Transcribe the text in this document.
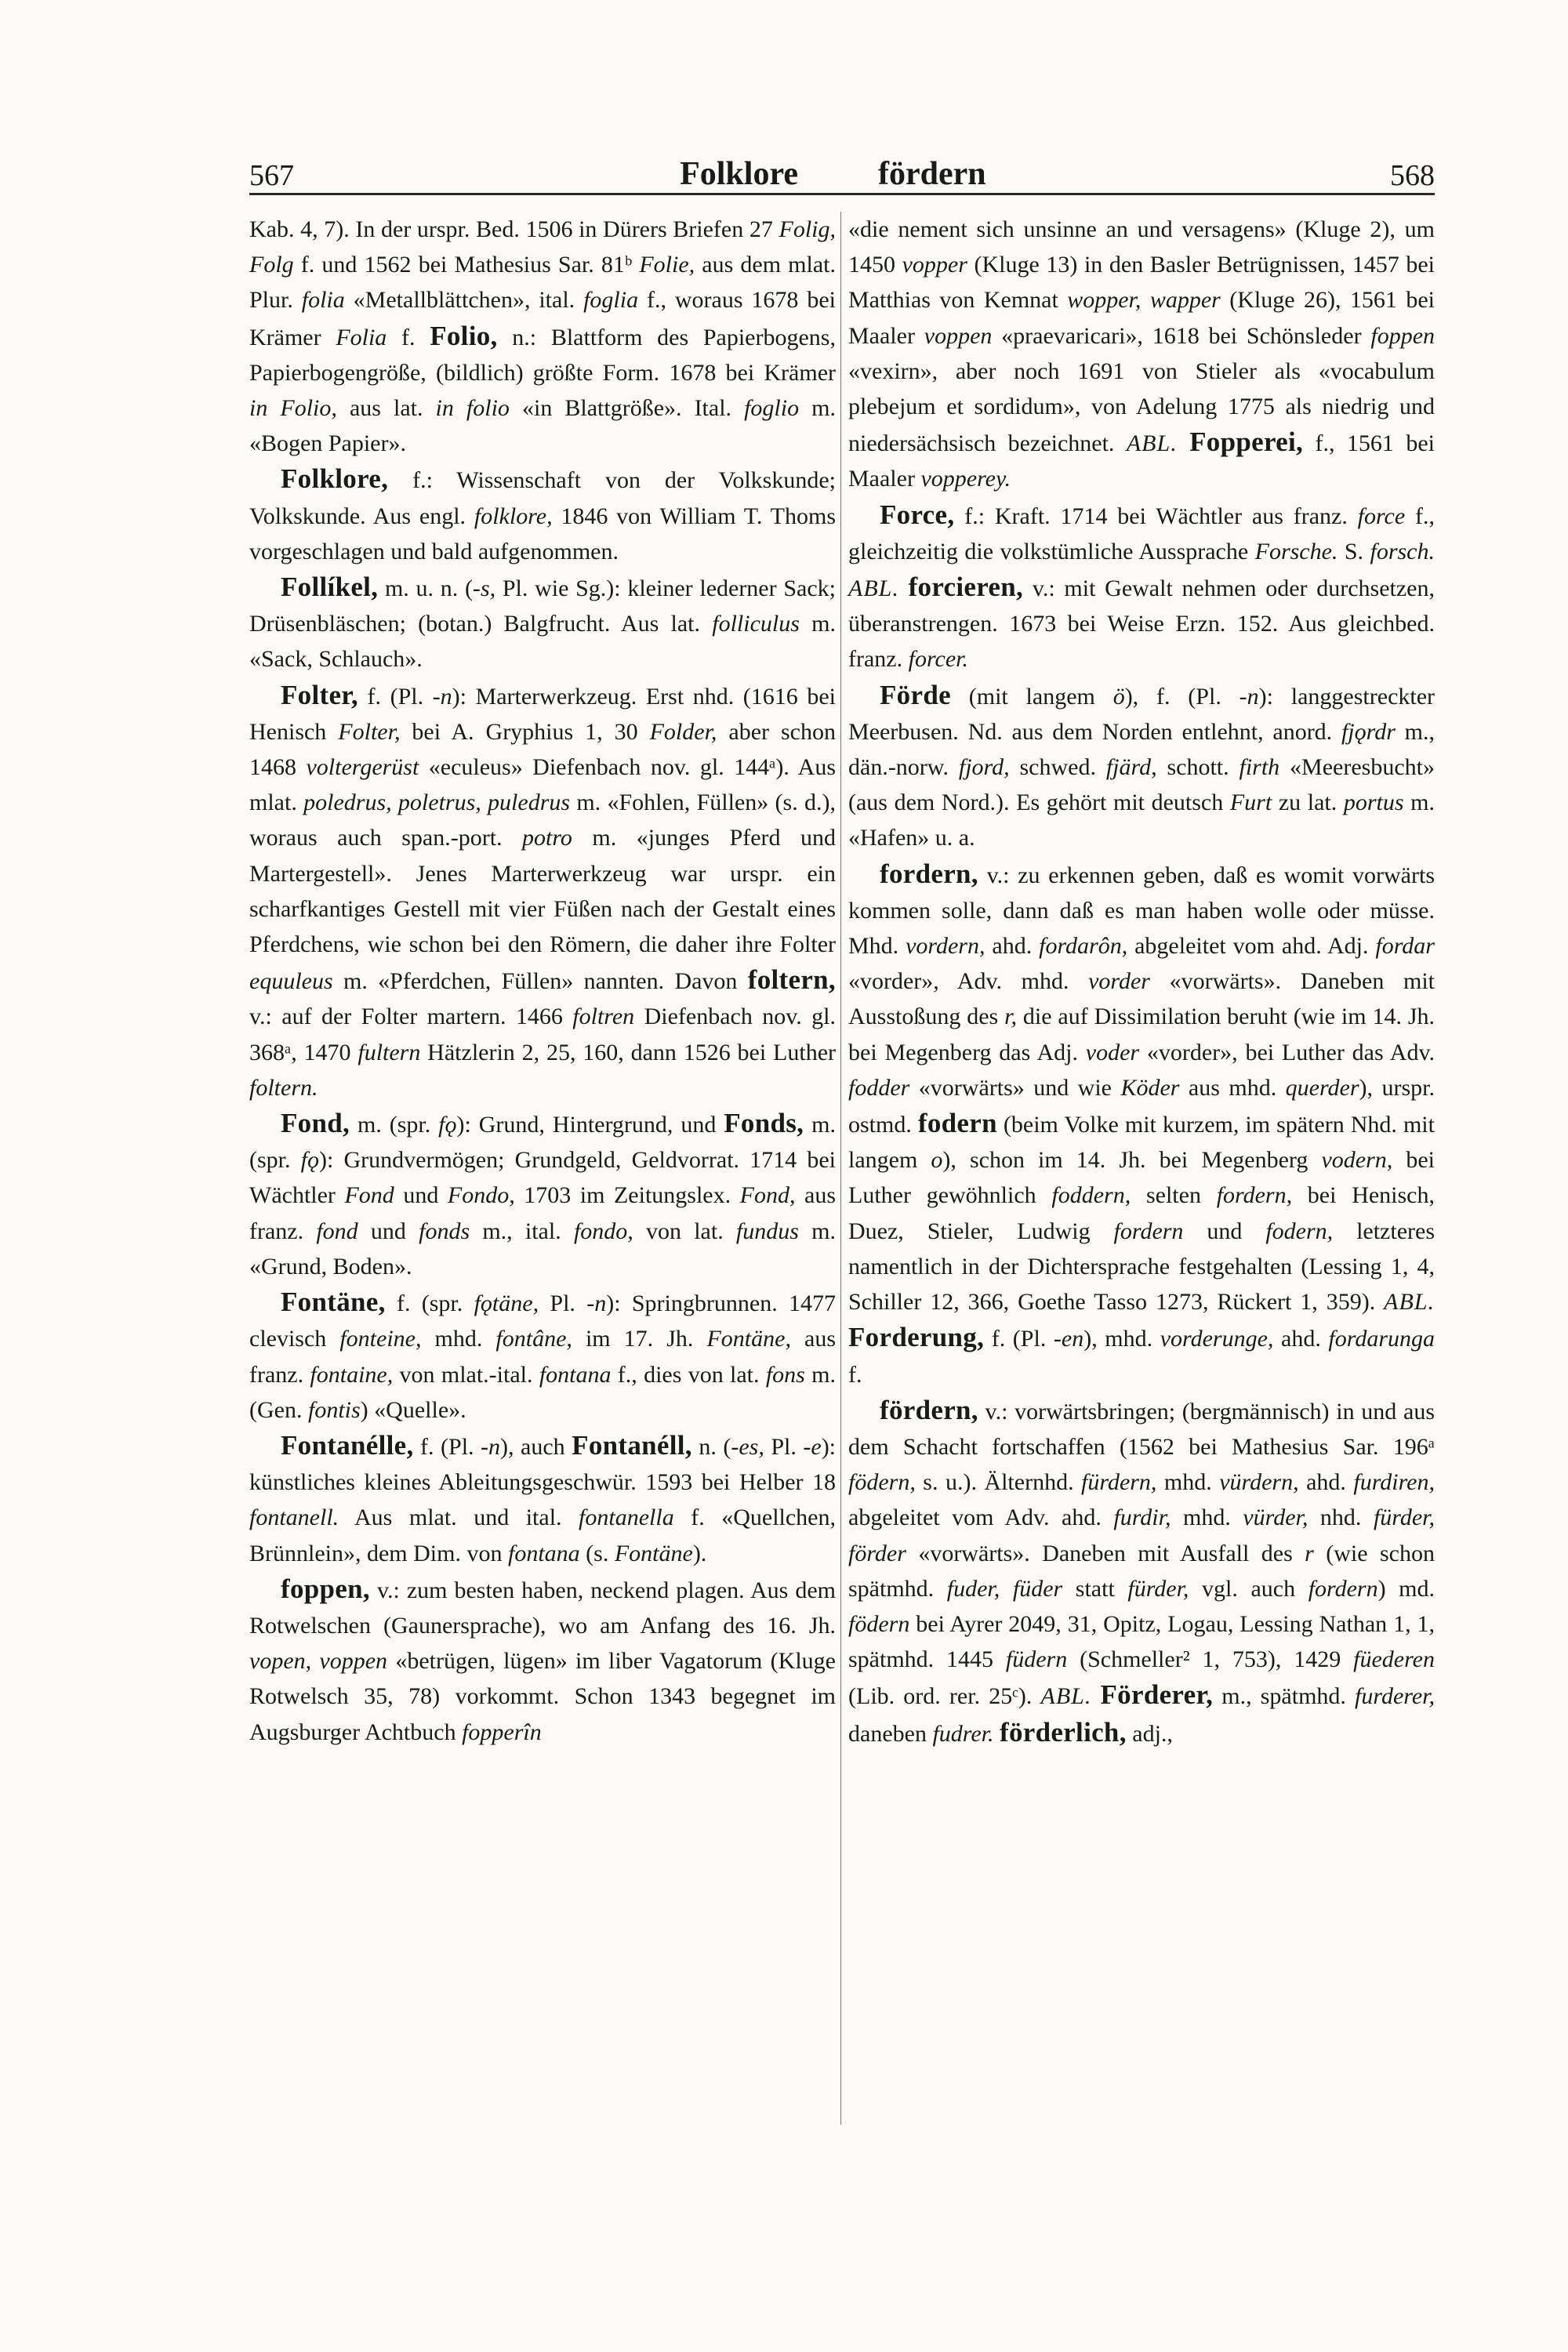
567	Folklore fördern	568

Kab. 4, 7). In der urspr. Bed. 1506 in Dürers Briefen 27 Folig, Folg f. und 1562 bei Mathesius Sar. 81ᵇ Folie, aus dem mlat. Plur. folia «Metallblättchen», ital. foglia f., woraus 1678 bei Krämer Folia f. Folio, n.: Blattform des Papierbogens, Papierbogengröße, (bildlich) größte Form. 1678 bei Krämer in Folio, aus lat. in folio «in Blattgröße». Ital. foglio m. «Bogen Papier».

Folklore, f.: Wissenschaft von der Volkskunde; Volkskunde. Aus engl. folklore, 1846 von William T. Thoms vorgeschlagen und bald aufgenommen.

Follíkel, m. u. n. (-s, Pl. wie Sg.): kleiner lederner Sack; Drüsenbläschen; (botan.) Balgfrucht. Aus lat. folliculus m. «Sack, Schlauch».

Folter, f. (Pl. -n): Marterwerkzeug. Erst nhd. (1616 bei Henisch Folter, bei A. Gryphius 1, 30 Folder, aber schon 1468 voltergerüst «eculeus» Diefenbach nov. gl. 144ᵃ). Aus mlat. poledrus, poletrus, puledrus m. «Fohlen, Füllen» (s. d.), woraus auch span.-port. potro m. «junges Pferd und Martergestell». Jenes Marterwerkzeug war urspr. ein scharfkantiges Gestell mit vier Füßen nach der Gestalt eines Pferdchens, wie schon bei den Römern, die daher ihre Folter equuleus m. «Pferdchen, Füllen» nannten. Davon foltern, v.: auf der Folter martern. 1466 foltren Diefenbach nov. gl. 368ᵃ, 1470 fultern Hätzlerin 2, 25, 160, dann 1526 bei Luther foltern.

Fond, m. (spr. fǫ): Grund, Hintergrund, und Fonds, m. (spr. fǫ): Grundvermögen; Grundgeld, Geldvorrat. 1714 bei Wächtler Fond und Fondo, 1703 im Zeitungslex. Fond, aus franz. fond und fonds m., ital. fondo, von lat. fundus m. «Grund, Boden».

Fontäne, f. (spr. fǫtäne, Pl. -n): Springbrunnen. 1477 clevisch fonteine, mhd. fontâne, im 17. Jh. Fontäne, aus franz. fontaine, von mlat.-ital. fontana f., dies von lat. fons m. (Gen. fontis) «Quelle».

Fontanélle, f. (Pl. -n), auch Fontanéll, n. (-es, Pl. -e): künstliches kleines Ableitungsgeschwür. 1593 bei Helber 18 fontanell. Aus mlat. und ital. fontanella f. «Quellchen, Brünnlein», dem Dim. von fontana (s. Fontäne).

foppen, v.: zum besten haben, neckend plagen. Aus dem Rotwelschen (Gaunersprache), wo am Anfang des 16. Jh. vopen, voppen «betrügen, lügen» im liber Vagatorum (Kluge Rotwelsch 35, 78) vorkommt. Schon 1343 begegnet im Augsburger Achtbuch fopperîn

«die nement sich unsinne an und versagens» (Kluge 2), um 1450 vopper (Kluge 13) in den Basler Betrügnissen, 1457 bei Matthias von Kemnat wopper, wapper (Kluge 26), 1561 bei Maaler voppen «praevaricari», 1618 bei Schönsleder foppen «vexirn», aber noch 1691 von Stieler als «vocabulum plebejum et sordidum», von Adelung 1775 als niedrig und niedersächsisch bezeichnet. ABL. Fopperei, f., 1561 bei Maaler vopperey.

Force, f.: Kraft. 1714 bei Wächtler aus franz. force f., gleichzeitig die volkstümliche Aussprache Forsche. S. forsch. ABL. forcieren, v.: mit Gewalt nehmen oder durchsetzen, überanstrengen. 1673 bei Weise Erzn. 152. Aus gleichbed. franz. forcer.

Förde (mit langem ö), f. (Pl. -n): langgestreckter Meerbusen. Nd. aus dem Norden entlehnt, anord. fjǫrdr m., dän.-norw. fjord, schwed. fjärd, schott. firth «Meeresbucht» (aus dem Nord.). Es gehört mit deutsch Furt zu lat. portus m. «Hafen» u. a.

fordern, v.: zu erkennen geben, daß es womit vorwärts kommen solle, dann daß es man haben wolle oder müsse. Mhd. vordern, ahd. fordarôn, abgeleitet vom ahd. Adj. fordar «vorder», Adv. mhd. vorder «vorwärts». Daneben mit Ausstoßung des r, die auf Dissimilation beruht (wie im 14. Jh. bei Megenberg das Adj. voder «vorder», bei Luther das Adv. fodder «vorwärts» und wie Köder aus mhd. querder), urspr. ostmd. fodern (beim Volke mit kurzem, im spätern Nhd. mit langem o), schon im 14. Jh. bei Megenberg vodern, bei Luther gewöhnlich foddern, selten fordern, bei Henisch, Duez, Stieler, Ludwig fordern und fodern, letzteres namentlich in der Dichtersprache festgehalten (Lessing 1, 4, Schiller 12, 366, Goethe Tasso 1273, Rückert 1, 359). ABL. Forderung, f. (Pl. -en), mhd. vorderunge, ahd. fordarunga f.

fördern, v.: vorwärtsbringen; (bergmännisch) in und aus dem Schacht fortschaffen (1562 bei Mathesius Sar. 196ᵃ födern, s. u.). Älternhd. fürdern, mhd. vürdern, ahd. furdiren, abgeleitet vom Adv. ahd. furdir, mhd. vürder, nhd. fürder, förder «vorwärts». Daneben mit Ausfall des r (wie schon spätmhd. fuder, füder statt fürder, vgl. auch fordern) md. födern bei Ayrer 2049, 31, Opitz, Logau, Lessing Nathan 1, 1, spätmhd. 1445 füdern (Schmeller² 1, 753), 1429 füederen (Lib. ord. rer. 25ᶜ). ABL. Förderer, m., spätmhd. furderer, daneben fudrer. förderlich, adj.,
